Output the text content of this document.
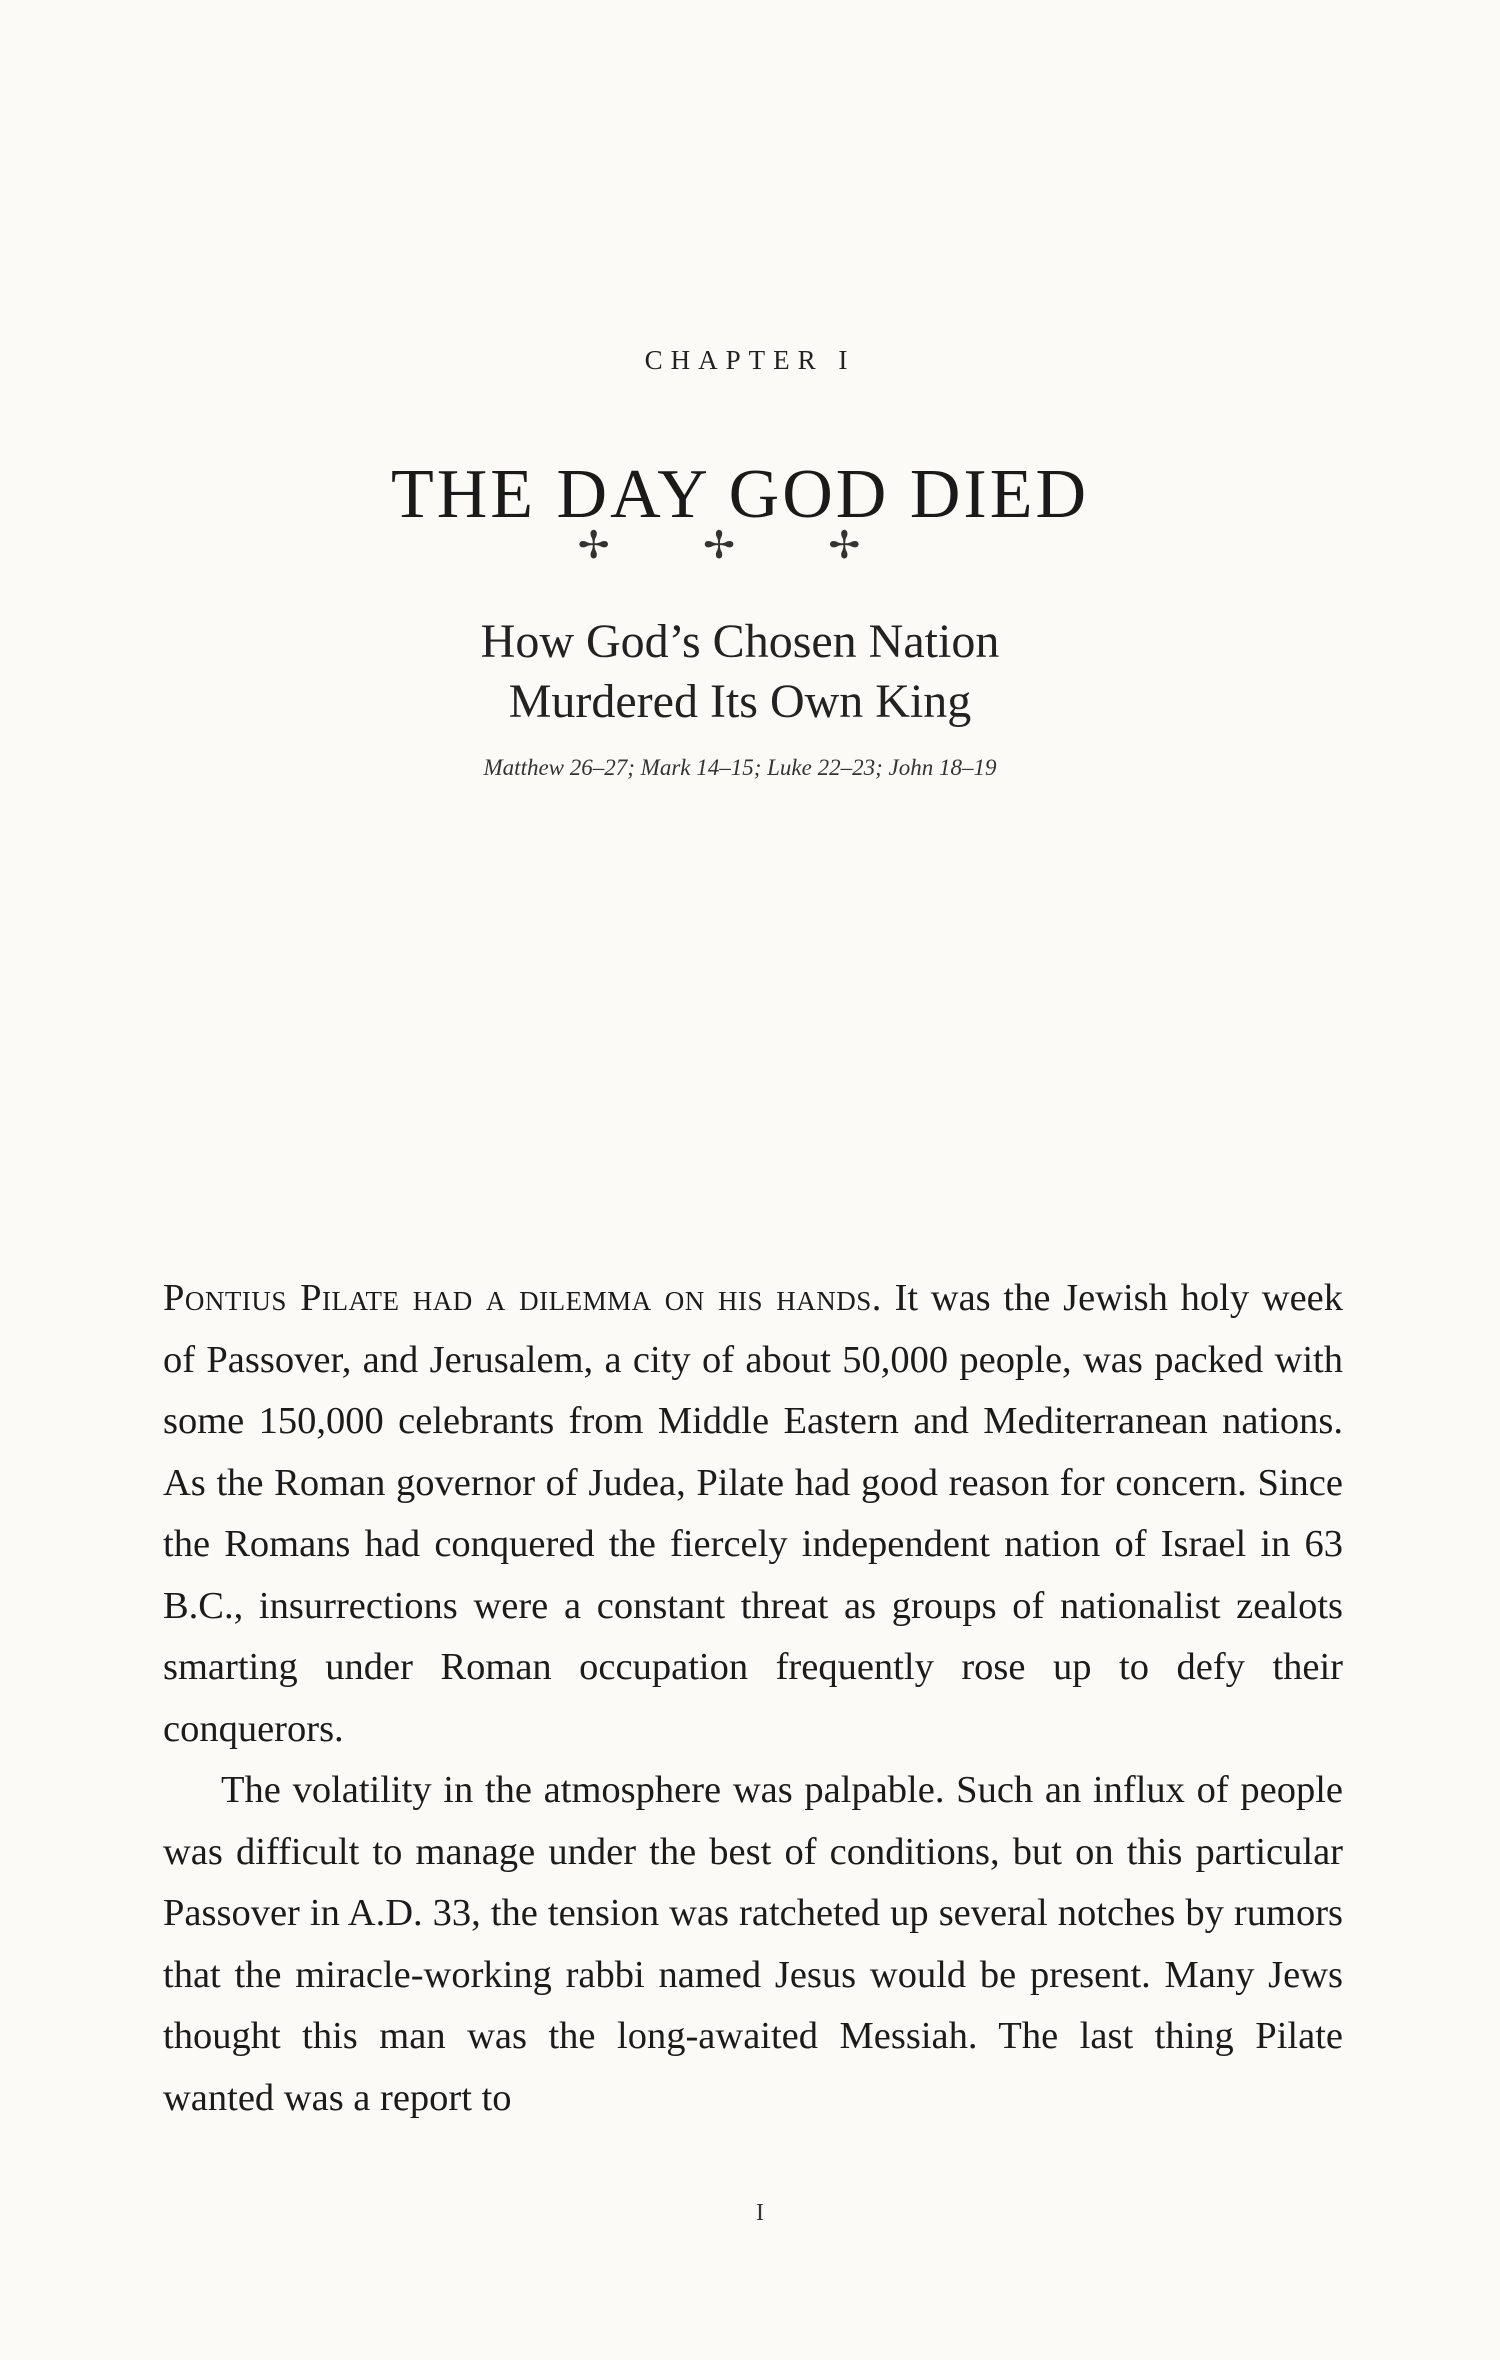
CHAPTER I
THE DAY GOD DIED
✢ ✢ ✢
How God’s Chosen Nation
Murdered Its Own King
Matthew 26–27; Mark 14–15; Luke 22–23; John 18–19

Pontius Pilate had a dilemma on his hands. It was the Jewish holy week of Passover, and Jerusalem, a city of about 50,000 people, was packed with some 150,000 celebrants from Middle Eastern and Mediterranean nations. As the Roman governor of Judea, Pilate had good reason for concern. Since the Romans had conquered the fiercely independent nation of Israel in 63 B.C., insurrections were a constant threat as groups of nationalist zealots smarting under Roman occupation frequently rose up to defy their conquerors.

The volatility in the atmosphere was palpable. Such an influx of people was difficult to manage under the best of conditions, but on this particular Passover in A.D. 33, the tension was ratcheted up several notches by rumors that the miracle-working rabbi named Jesus would be present. Many Jews thought this man was the long-awaited Messiah. The last thing Pilate wanted was a report to

I
